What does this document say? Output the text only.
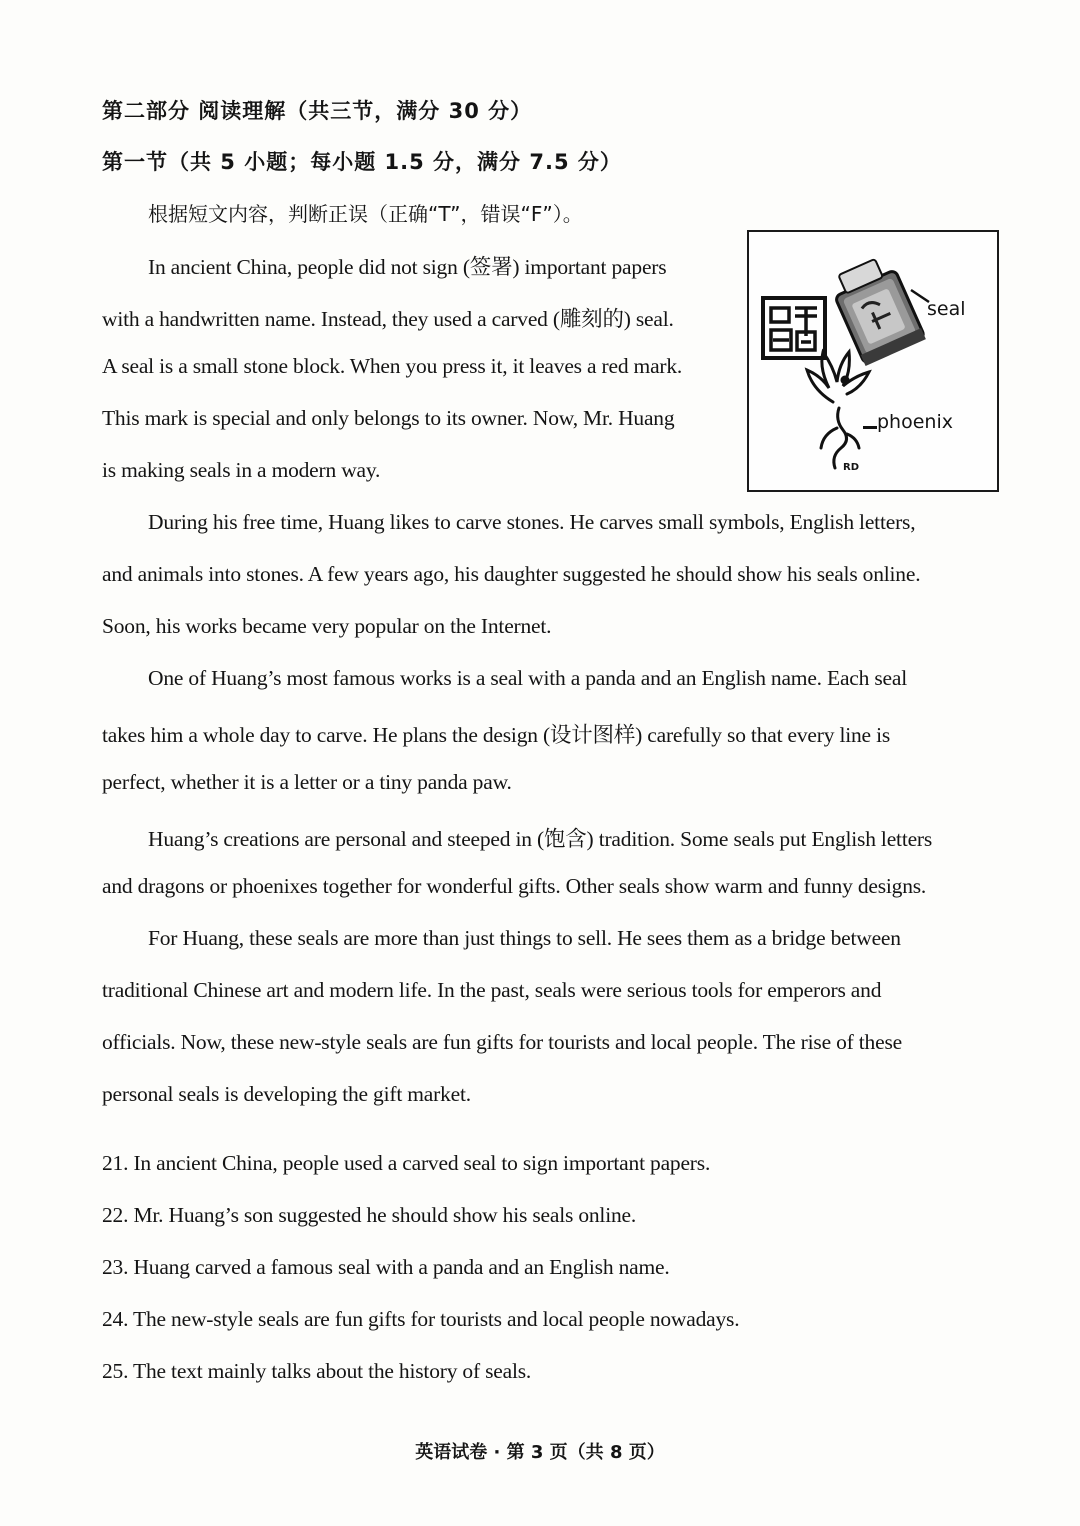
第二部分 阅读理解（共三节，满分 30 分）
第一节（共 5 小题；每小题 1.5 分，满分 7.5 分）
根据短文内容，判断正误（正确“T”，错误“F”）。
In ancient China, people did not sign (签署) important papers
with a handwritten name. Instead, they used a carved (雕刻的) seal.
A seal is a small stone block. When you press it, it leaves a red mark.
This mark is special and only belongs to its owner. Now, Mr. Huang
is making seals in a modern way.
seal
phoenix
RD
During his free time, Huang likes to carve stones. He carves small symbols, English letters,
and animals into stones. A few years ago, his daughter suggested he should show his seals online.
Soon, his works became very popular on the Internet.
One of Huang’s most famous works is a seal with a panda and an English name. Each seal
takes him a whole day to carve. He plans the design (设计图样) carefully so that every line is
perfect, whether it is a letter or a tiny panda paw.
Huang’s creations are personal and steeped in (饱含) tradition. Some seals put English letters
and dragons or phoenixes together for wonderful gifts. Other seals show warm and funny designs.
For Huang, these seals are more than just things to sell. He sees them as a bridge between
traditional Chinese art and modern life. In the past, seals were serious tools for emperors and
officials. Now, these new-style seals are fun gifts for tourists and local people. The rise of these
personal seals is developing the gift market.
21. In ancient China, people used a carved seal to sign important papers.
22. Mr. Huang’s son suggested he should show his seals online.
23. Huang carved a famous seal with a panda and an English name.
24. The new-style seals are fun gifts for tourists and local people nowadays.
25. The text mainly talks about the history of seals.
英语试卷 · 第 3 页（共 8 页）
